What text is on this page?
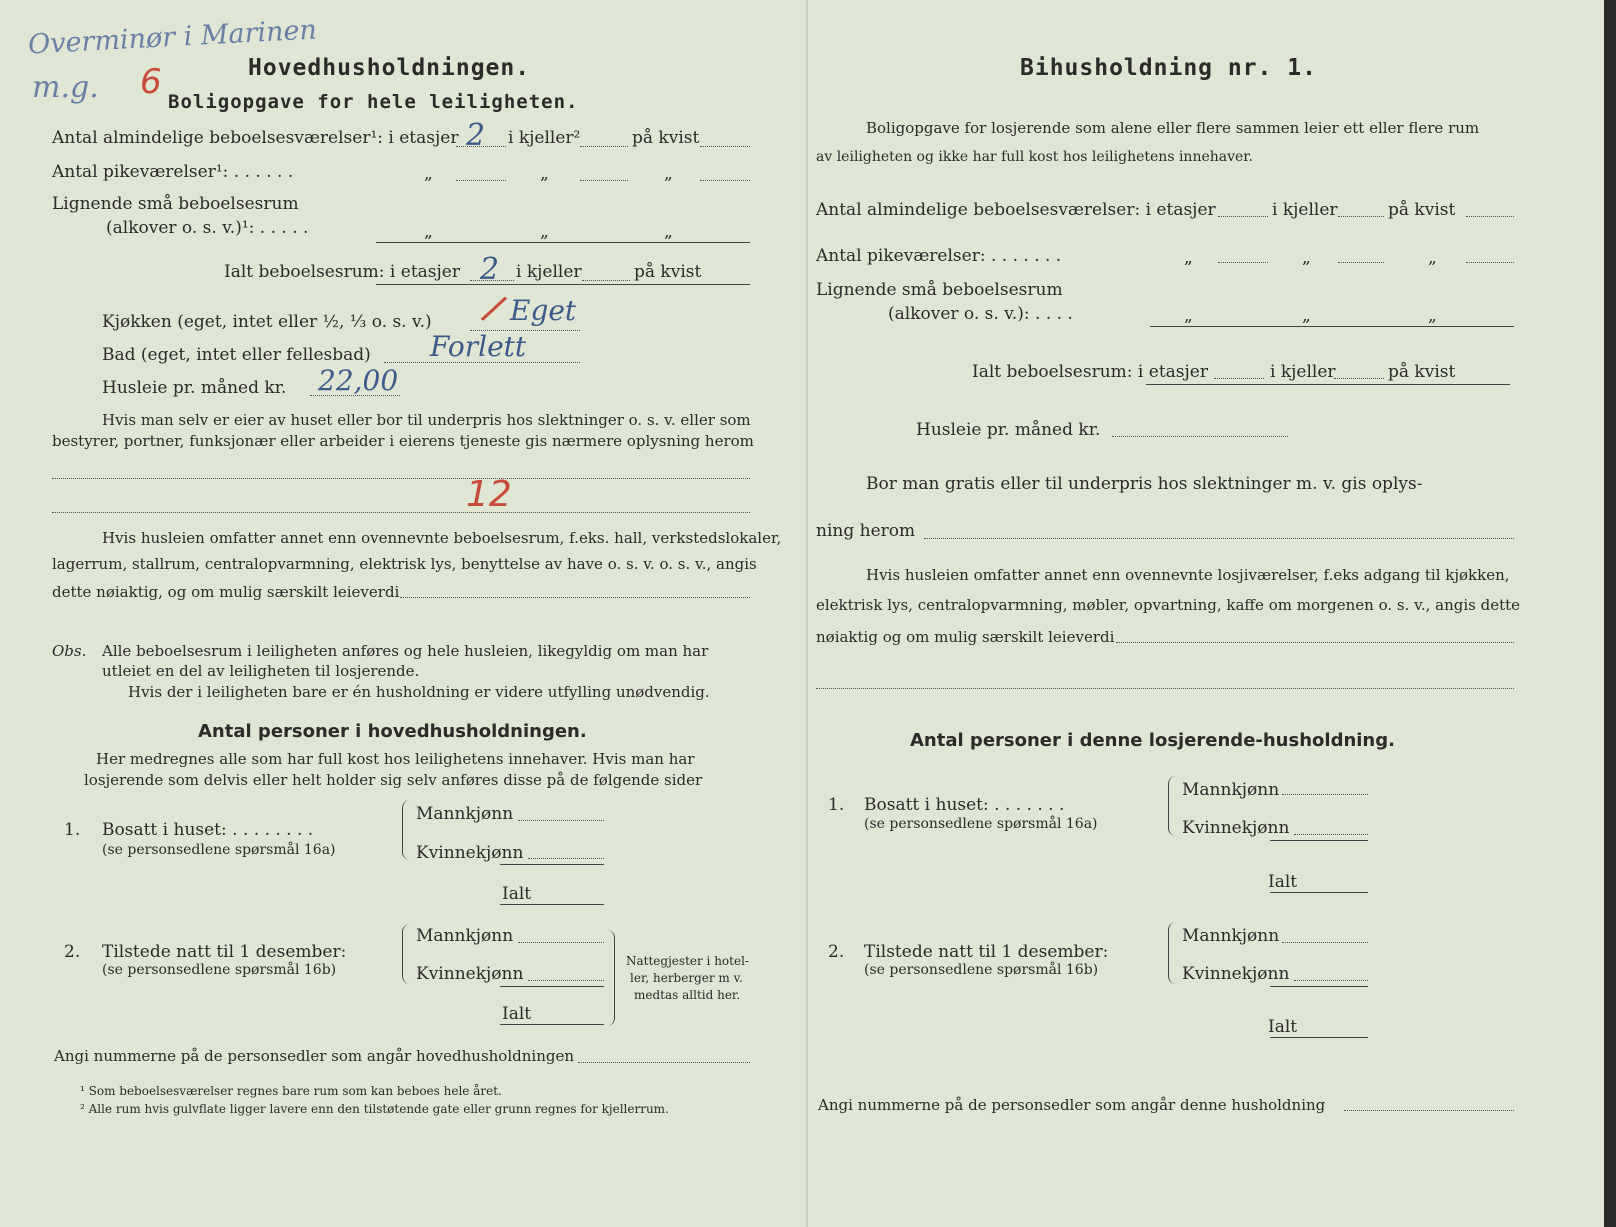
Overminør i Marinen
m.g. 6	Hovedhusholdningen.
Boligopgave for hele leiligheten.
Antal almindelige beboelsesværelser¹: i etasjer 2 i kjeller²	på kvist
Antal pikeværelser¹: . . . . . .	„	„	„
Lignende små beboelsesrum
(alkover o. s. v.)¹: . . . . .	„	„	„
Ialt beboelsesrum: i etasjer 2 i kjeller	på kvist
Kjøkken (eget, intet eller ½, ⅓ o. s. v.) / Eget
Bad (eget, intet eller fellesbad) Forlett
Husleie pr. måned kr. 22,00
Hvis man selv er eier av huset eller bor til underpris hos slektninger o. s. v. eller som
bestyrer, portner, funksjonær eller arbeider i eierens tjeneste gis nærmere oplysning herom
12
Hvis husleien omfatter annet enn ovennevnte beboelsesrum, f.eks. hall, verkstedslokaler,
lagerrum, stallrum, centralopvarmning, elektrisk lys, benyttelse av have o. s. v. o. s. v., angis
dette nøiaktig, og om mulig særskilt leieverdi
Obs. Alle beboelsesrum i leiligheten anføres og hele husleien, likegyldig om man har
utleiet en del av leiligheten til losjerende.
Hvis der i leiligheten bare er én husholdning er videre utfylling unødvendig.
Antal personer i hovedhusholdningen.
Her medregnes alle som har full kost hos leilighetens innehaver. Hvis man har
losjerende som delvis eller helt holder sig selv anføres disse på de følgende sider
1. Bosatt i huset: . . . . . . . .
(se personsedlene spørsmål 16a)
Mannkjønn
Kvinnekjønn
Ialt
2. Tilstede natt til 1 desember:
(se personsedlene spørsmål 16b)
Mannkjønn
Kvinnekjønn
Ialt
Nattegjester i hotel-
ler, herberger m v.
medtas alltid her.
Angi nummerne på de personsedler som angår hovedhusholdningen
¹ Som beboelsesværelser regnes bare rum som kan beboes hele året.
² Alle rum hvis gulvflate ligger lavere enn den tilstøtende gate eller grunn regnes for kjellerrum.
Bihusholdning nr. 1.
Boligopgave for losjerende som alene eller flere sammen leier ett eller flere rum
av leiligheten og ikke har full kost hos leilighetens innehaver.
Antal almindelige beboelsesværelser: i etasjer	i kjeller	på kvist
Antal pikeværelser: . . . . . . .	„	„	„
Lignende små beboelsesrum
(alkover o. s. v.): . . . .	„	„	„
Ialt beboelsesrum: i etasjer	i kjeller	på kvist
Husleie pr. måned kr.
Bor man gratis eller til underpris hos slektninger m. v. gis oplys-
ning herom
Hvis husleien omfatter annet enn ovennevnte losjiværelser, f.eks adgang til kjøkken,
elektrisk lys, centralopvarmning, møbler, opvartning, kaffe om morgenen o. s. v., angis dette
nøiaktig og om mulig særskilt leieverdi
Antal personer i denne losjerende-husholdning.
1. Bosatt i huset: . . . . . . .
(se personsedlene spørsmål 16a)
Mannkjønn
Kvinnekjønn
Ialt
2. Tilstede natt til 1 desember:
(se personsedlene spørsmål 16b)
Mannkjønn
Kvinnekjønn
Ialt
Angi nummerne på de personsedler som angår denne husholdning
